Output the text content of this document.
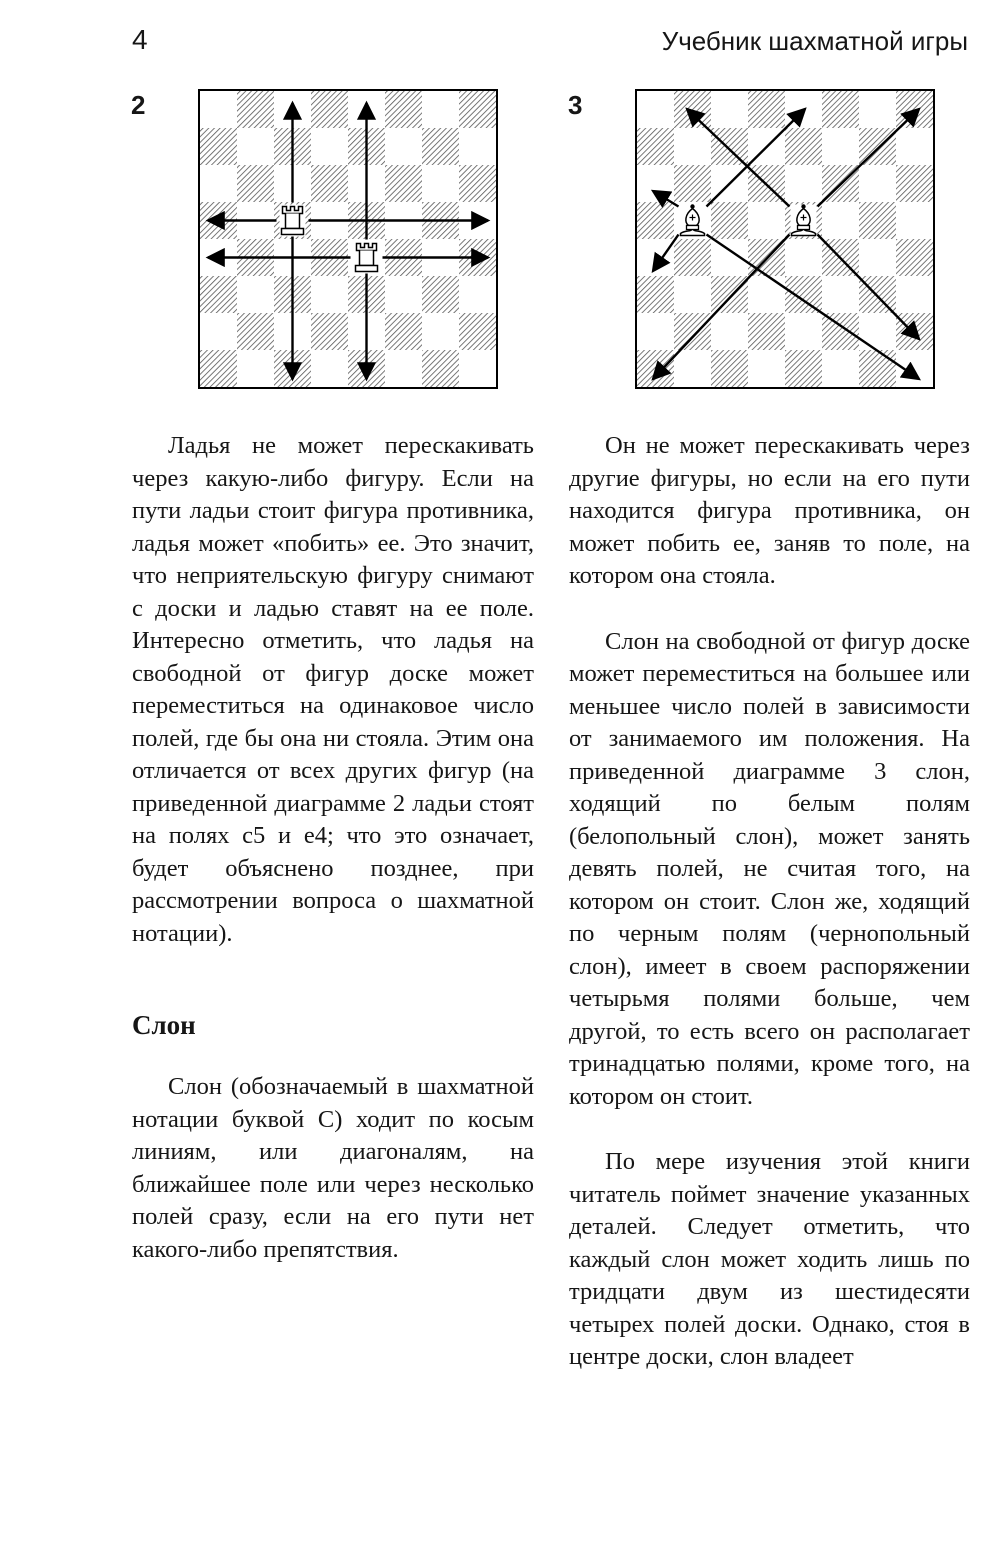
4	Учебник шахматной игры
2	3

Ладья не может перескакивать через какую-либо фигуру. Если на пути ладьи стоит фигура противника, ладья может «побить» ее. Это значит, что неприятельскую фигуру снимают с доски и ладью ставят на ее поле. Интересно отметить, что ладья на свободной от фигур доске может переместиться на одинаковое число полей, где бы она ни стояла. Этим она отличается от всех других фигур (на приведенной диаграмме 2 ладьи стоят на полях c5 и e4; что это означает, будет объяснено позднее, при рассмотрении вопроса о шахматной нотации).

Слон

Слон (обозначаемый в шахматной нотации буквой С) ходит по косым линиям, или диагоналям, на ближайшее поле или через несколько полей сразу, если на его пути нет какого-либо препятствия.

Он не может перескакивать через другие фигуры, но если на его пути находится фигура противника, он может побить ее, заняв то поле, на котором она стояла.

Слон на свободной от фигур доске может переместиться на большее или меньшее число полей в зависимости от занимаемого им положения. На приведенной диаграмме 3 слон, ходящий по белым полям (белопольный слон), может занять девять полей, не считая того, на котором он стоит. Слон же, ходящий по черным полям (чернопольный слон), имеет в своем распоряжении четырьмя полями больше, чем другой, то есть всего он располагает тринадцатью полями, кроме того, на котором он стоит.

По мере изучения этой книги читатель поймет значение указанных деталей. Следует отметить, что каждый слон может ходить лишь по тридцати двум из шестидесяти четырех полей доски. Однако, стоя в центре доски, слон владеет
